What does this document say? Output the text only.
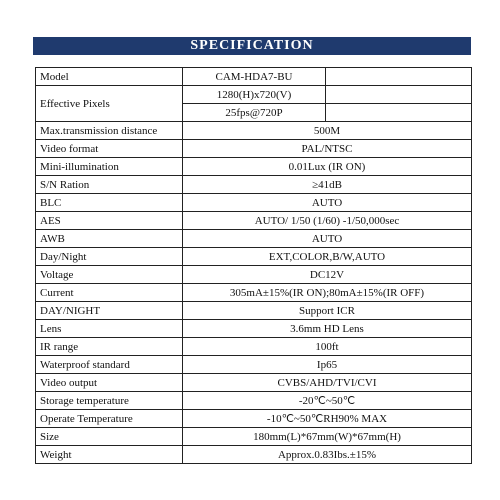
SPECIFICATION
Model	CAM-HDA7-BU	
Effective Pixels	1280(H)x720(V)	
	25fps@720P	
Max.transmission distance	500M	
Video format	PAL/NTSC	
Mini-illumination	0.01Lux (IR ON)	
S/N Ration	≥41dB	
BLC	AUTO	
AES	AUTO/ 1/50 (1/60) -1/50,000sec	
AWB	AUTO	
Day/Night	EXT,COLOR,B/W,AUTO	
Voltage	DC12V	
Current	305mA±15%(IR ON);80mA±15%(IR OFF)	
DAY/NIGHT	Support ICR	
Lens	3.6mm HD Lens	
IR range	100ft	
Waterproof standard	Ip65	
Video output	CVBS/AHD/TVI/CVI	
Storage temperature	-20℃~50℃	
Operate Temperature	-10℃~50℃RH90% MAX	
Size	180mm(L)*67mm(W)*67mm(H)	
Weight	Approx.0.83Ibs.±15%	
